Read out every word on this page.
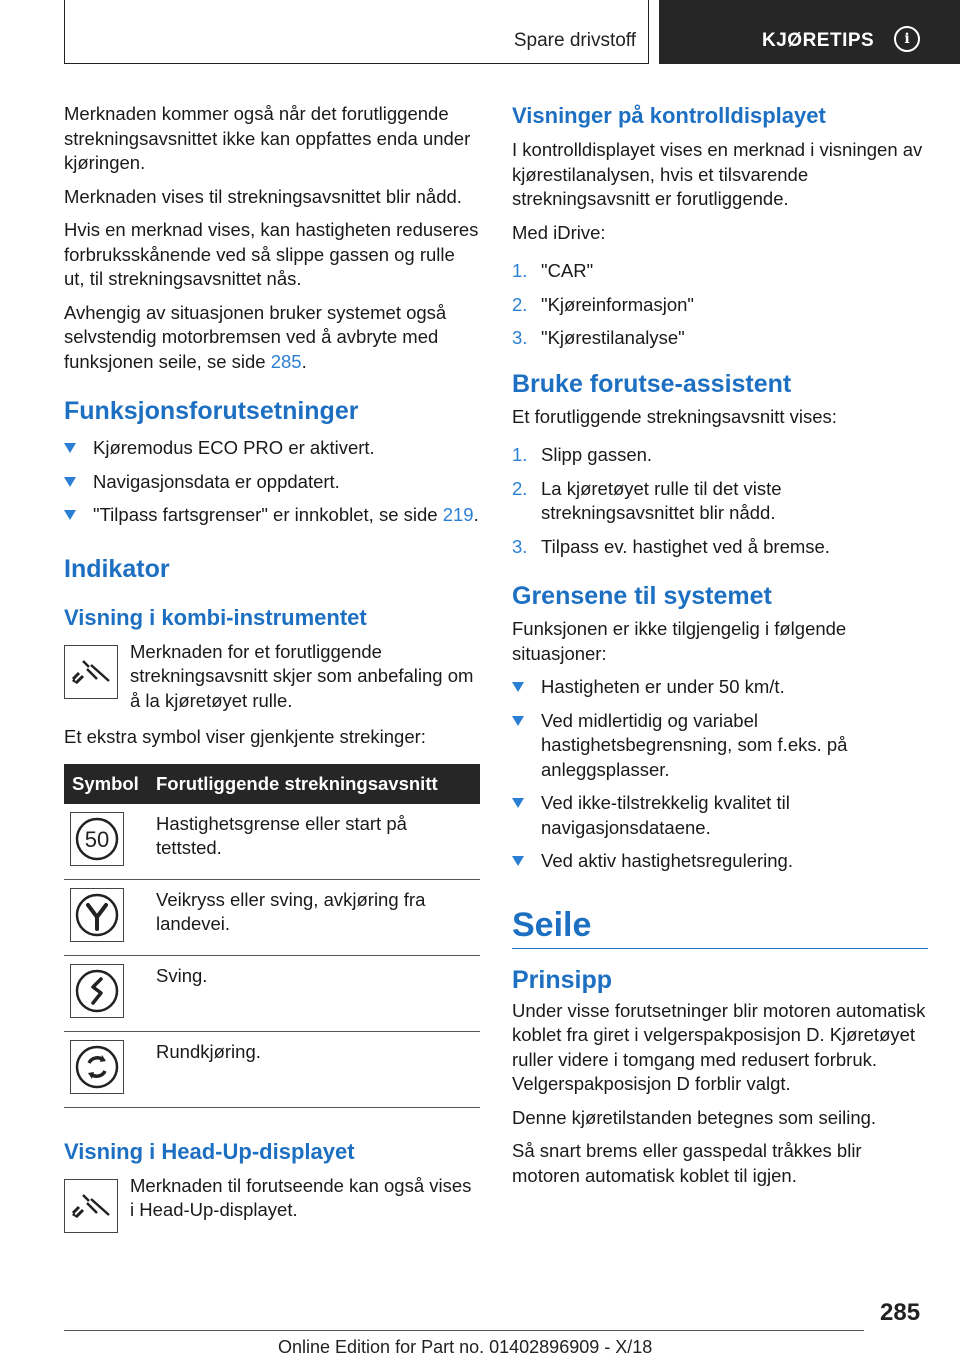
Spare drivstoff	KJØRETIPS	i

Merknaden kommer også når det forutliggende strekningsavsnittet ikke kan oppfattes enda under kjøringen.

Merknaden vises til strekningsavsnittet blir nådd.

Hvis en merknad vises, kan hastigheten reduseres forbruksskånende ved så slippe gassen og rulle ut, til strekningsavsnittet nås.

Avhengig av situasjonen bruker systemet også selvstendig motorbremsen ved å avbryte med funksjonen seile, se side 285.

Funksjonsforutsetninger
Kjøremodus ECO PRO er aktivert.
Navigasjonsdata er oppdatert.
"Tilpass fartsgrenser" er innkoblet, se side 219.
Indikator
Visning i kombi-instrumentet

Merknaden for et forutliggende strekningsavsnitt skjer som anbefaling om å la kjøretøyet rulle.

Et ekstra symbol viser gjenkjente strekinger:

Symbol	Forutliggende strekningsavsnitt

50	Hastighetsgrense eller start på tettsted.

	Veikryss eller sving, avkjøring fra landevei.

	Sving.

	Rundkjøring.
Visning i Head-Up-displayet

Merknaden til forutseende kan også vises i Head-Up-displayet.

Visninger på kontrolldisplayet

I kontrolldisplayet vises en merknad i visningen av kjørestilanalysen, hvis et tilsvarende strekningsavsnitt er forutliggende.

Med iDrive:

1. "CAR"
2. "Kjøreinformasjon"
3. "Kjørestilanalyse"
Bruke forutse-assistent

Et forutliggende strekningsavsnitt vises:

1. Slipp gassen.
2. La kjøretøyet rulle til det viste strekningsavsnittet blir nådd.
3. Tilpass ev. hastighet ved å bremse.
Grensene til systemet

Funksjonen er ikke tilgjengelig i følgende situasjoner:

Hastigheten er under 50 km/t.
Ved midlertidig og variabel hastighetsbegrensning, som f.eks. på anleggsplasser.
Ved ikke-tilstrekkelig kvalitet til navigasjonsdataene.
Ved aktiv hastighetsregulering.
Seile
Prinsipp

Under visse forutsetninger blir motoren automatisk koblet fra giret i velgerspakposisjon D. Kjøretøyet ruller videre i tomgang med redusert forbruk. Velgerspakposisjon D forblir valgt.

Denne kjøretilstanden betegnes som seiling.

Så snart brems eller gasspedal tråkkes blir motoren automatisk koblet til igjen.

285
Online Edition for Part no. 01402896909 - X/18
